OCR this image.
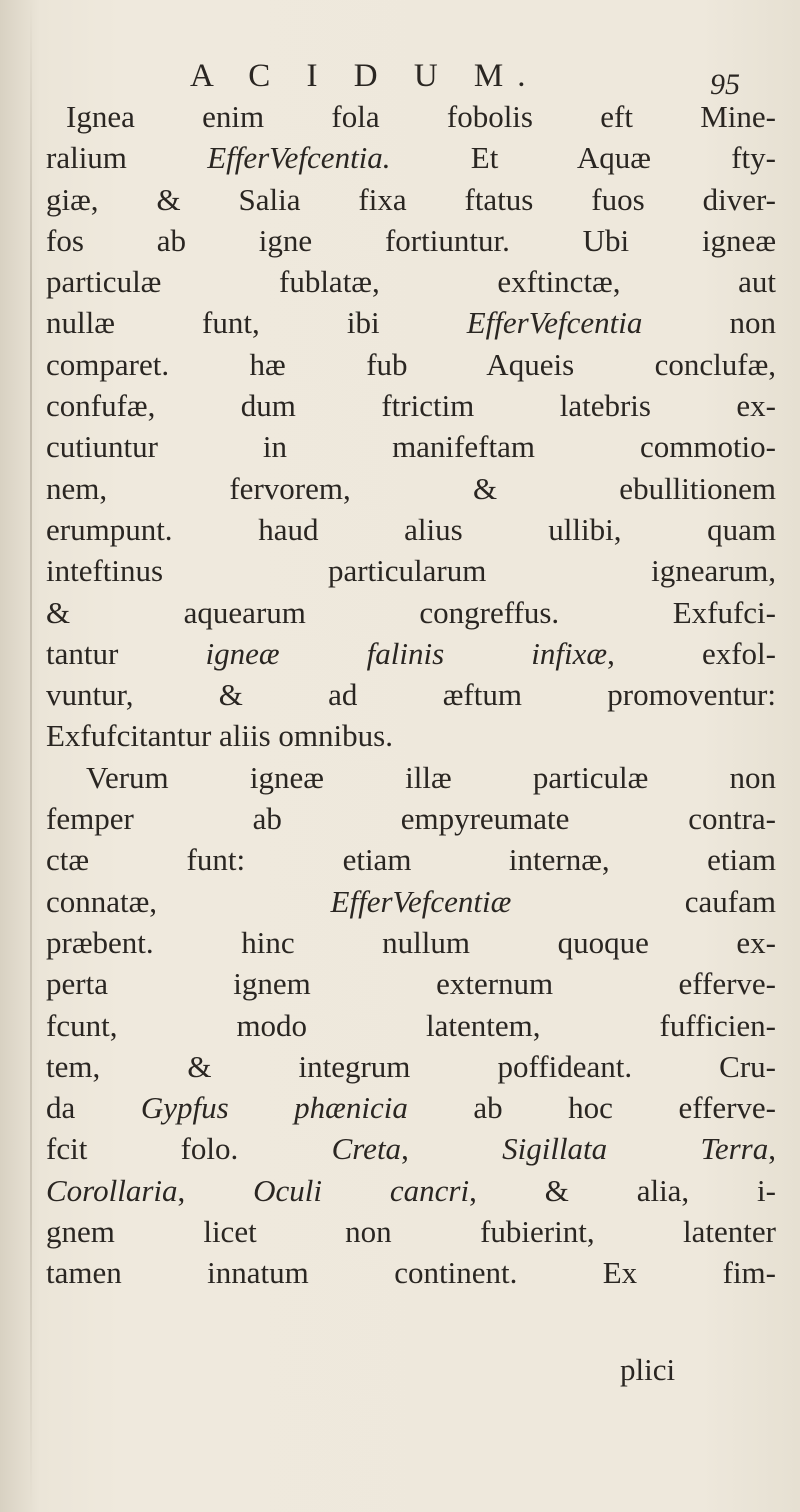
A C I D U M.	95
Ignea enim fola fobolis eft Mine-
ralium EfferVefcentia. Et Aquæ fty-
giæ, & Salia fixa ftatus fuos diver-
fos ab igne fortiuntur. Ubi igneæ
particulæ fublatæ, exftinctæ, aut
nullæ funt, ibi EfferVefcentia non
comparet. hæ fub Aqueis conclufæ,
confufæ, dum ftrictim latebris ex-
cutiuntur in manifeftam commotio-
nem, fervorem, & ebullitionem
erumpunt. haud alius ullibi, quam
inteftinus particularum ignearum,
& aquearum congreffus. Exfufci-
tantur igneæ falinis infixæ, exfol-
vuntur, & ad æftum promoventur:
Exfufcitantur aliis omnibus.
Verum igneæ illæ particulæ non
femper ab empyreumate contra-
ctæ funt: etiam internæ, etiam
connatæ, EfferVefcentiæ caufam
præbent. hinc nullum quoque ex-
perta ignem externum efferve-
fcunt, modo latentem, fufficien-
tem, & integrum poffideant. Cru-
da Gypfus phænicia ab hoc efferve-
fcit folo. Creta, Sigillata Terra,
Corollaria, Oculi cancri, & alia, i-
gnem licet non fubierint, latenter
tamen innatum continent. Ex fim-
plici
